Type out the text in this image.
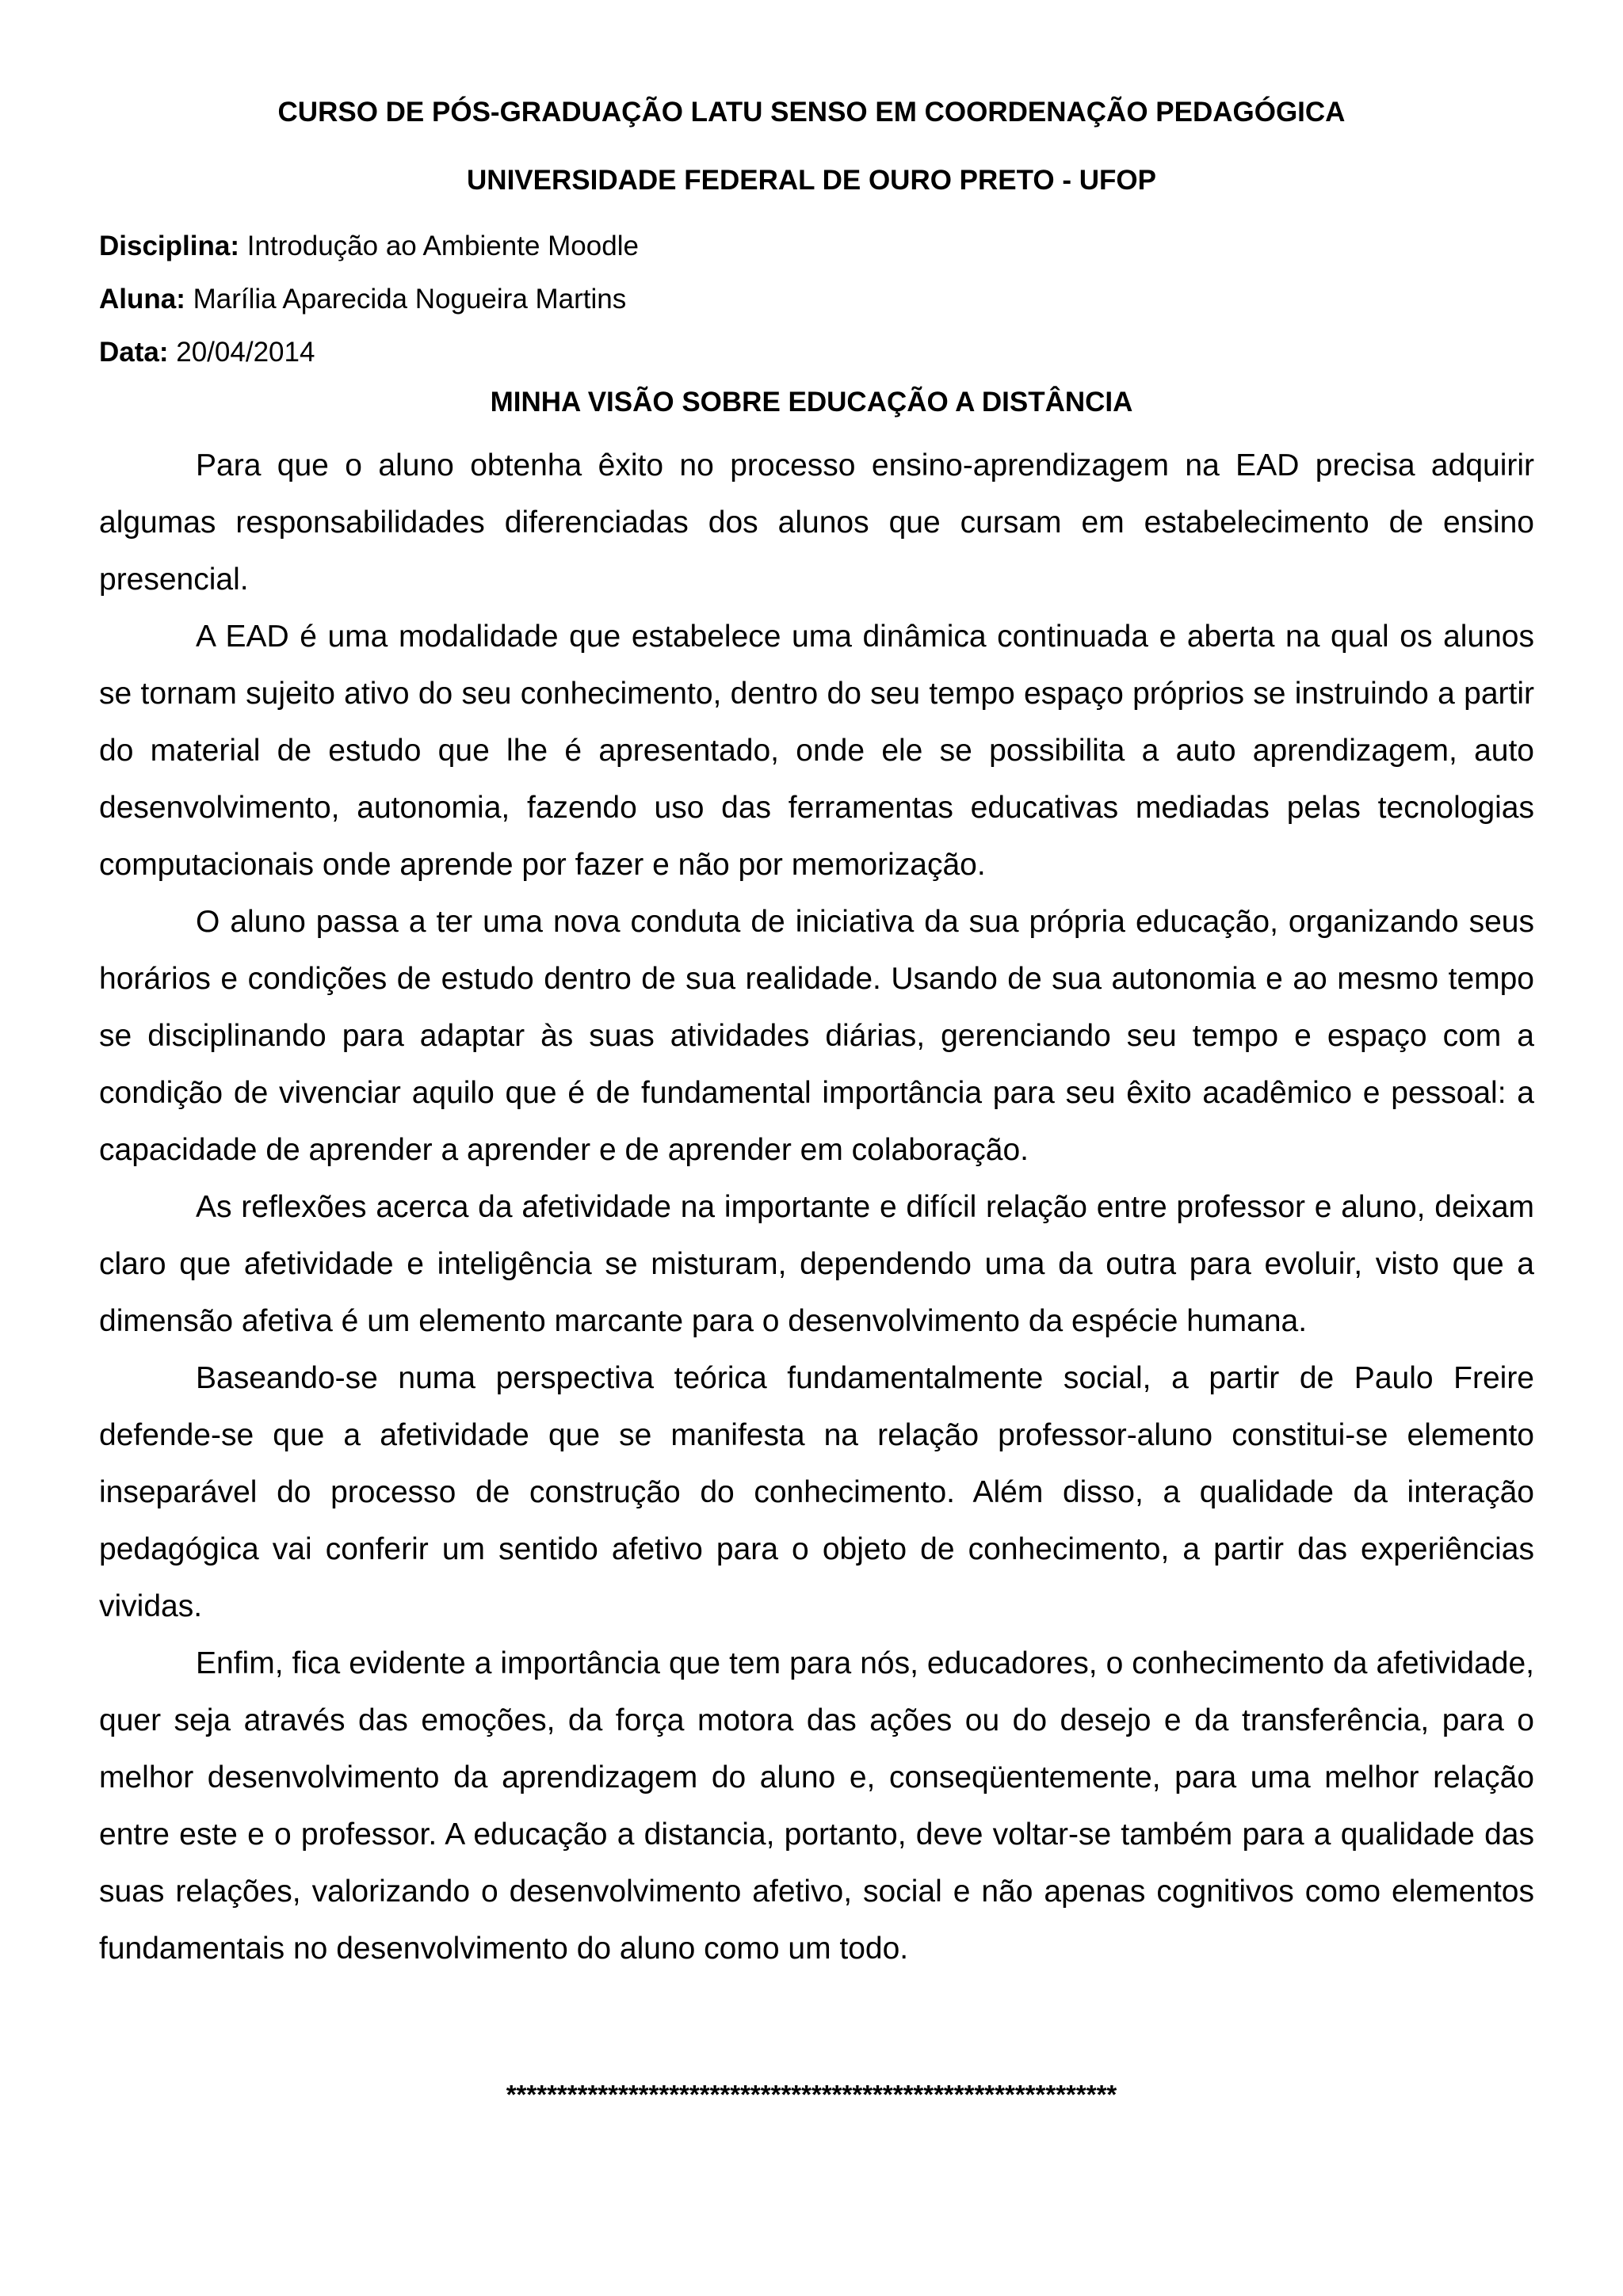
CURSO DE PÓS-GRADUAÇÃO LATU SENSO EM COORDENAÇÃO PEDAGÓGICA
UNIVERSIDADE FEDERAL DE OURO PRETO - UFOP
Disciplina: Introdução ao Ambiente Moodle
Aluna: Marília Aparecida Nogueira Martins
Data: 20/04/2014
MINHA VISÃO SOBRE EDUCAÇÃO A DISTÂNCIA

Para que o aluno obtenha êxito no processo ensino-aprendizagem na EAD precisa adquirir algumas responsabilidades diferenciadas dos alunos que cursam em estabelecimento de ensino presencial.

A EAD é uma modalidade que estabelece uma dinâmica continuada e aberta na qual os alunos se tornam sujeito ativo do seu conhecimento, dentro do seu tempo espaço próprios se instruindo a partir do material de estudo que lhe é apresentado, onde ele se possibilita a auto aprendizagem, auto desenvolvimento, autonomia, fazendo uso das ferramentas educativas mediadas pelas tecnologias computacionais onde aprende por fazer e não por memorização.

O aluno passa a ter uma nova conduta de iniciativa da sua própria educação, organizando seus horários e condições de estudo dentro de sua realidade. Usando de sua autonomia e ao mesmo tempo se disciplinando para adaptar às suas atividades diárias, gerenciando seu tempo e espaço com a condição de vivenciar aquilo que é de fundamental importância para seu êxito acadêmico e pessoal: a capacidade de aprender a aprender e de aprender em colaboração.

As reflexões acerca da afetividade na importante e difícil relação entre professor e aluno, deixam claro que afetividade e inteligência se misturam, dependendo uma da outra para evoluir, visto que a dimensão afetiva é um elemento marcante para o desenvolvimento da espécie humana.

Baseando-se numa perspectiva teórica fundamentalmente social, a partir de Paulo Freire defende-se que a afetividade que se manifesta na relação professor-aluno constitui-se elemento inseparável do processo de construção do conhecimento. Além disso, a qualidade da interação pedagógica vai conferir um sentido afetivo para o objeto de conhecimento, a partir das experiências vividas.

Enfim, fica evidente a importância que tem para nós, educadores, o conhecimento da afetividade, quer seja através das emoções, da força motora das ações ou do desejo e da transferência, para o melhor desenvolvimento da aprendizagem do aluno e, conseqüentemente, para uma melhor relação entre este e o professor. A educação a distancia, portanto, deve voltar-se também para a qualidade das suas relações, valorizando o desenvolvimento afetivo, social e não apenas cognitivos como elementos fundamentais no desenvolvimento do aluno como um todo.

************************************************************
